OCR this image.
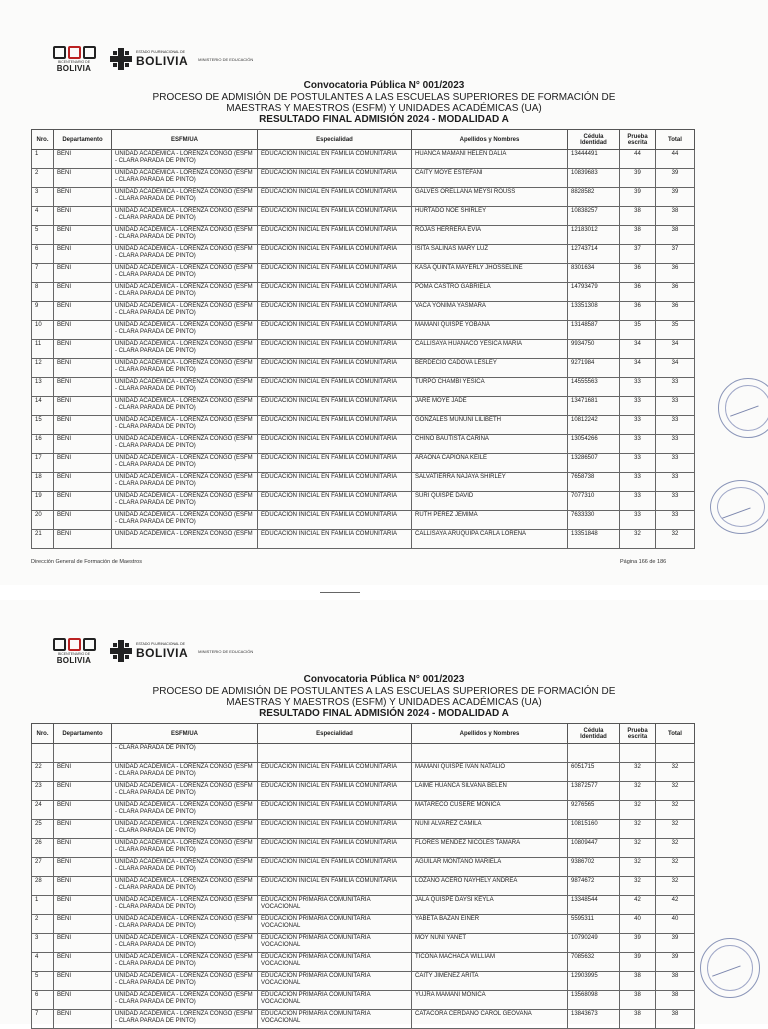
BICENTENARIO DE
BOLIVIA
ESTADO PLURINACIONAL DE
BOLIVIA	MINISTERIO DE EDUCACIÓN
Convocatoria Pública N° 001/2023
PROCESO DE ADMISIÓN DE POSTULANTES A LAS ESCUELAS SUPERIORES DE FORMACIÓN DE
MAESTRAS Y MAESTROS (ESFM) Y UNIDADES ACADÉMICAS (UA)
RESULTADO FINAL ADMISIÓN 2024 - MODALIDAD A
Nro.	Departamento	ESFM/UA	Especialidad	Apellidos y Nombres	Cédula Identidad	Prueba escrita	Total
1	BENI	UNIDAD ACADEMICA - LORENZA CONGO (ESFM - CLARA PARADA DE PINTO)	EDUCACIÓN INICIAL EN FAMILIA COMUNITARIA	HUANCA MAMANI HELEN DALIA	13444491	44	44
2	BENI	UNIDAD ACADEMICA - LORENZA CONGO (ESFM - CLARA PARADA DE PINTO)	EDUCACIÓN INICIAL EN FAMILIA COMUNITARIA	CAITY MOYE ESTEFANI	10839683	39	39
3	BENI	UNIDAD ACADEMICA - LORENZA CONGO (ESFM - CLARA PARADA DE PINTO)	EDUCACIÓN INICIAL EN FAMILIA COMUNITARIA	GALVES ORELLANA MEYSI ROUSS	8828582	39	39
4	BENI	UNIDAD ACADEMICA - LORENZA CONGO (ESFM - CLARA PARADA DE PINTO)	EDUCACIÓN INICIAL EN FAMILIA COMUNITARIA	HURTADO NOE SHIRLEY	10838257	38	38
5	BENI	UNIDAD ACADEMICA - LORENZA CONGO (ESFM - CLARA PARADA DE PINTO)	EDUCACIÓN INICIAL EN FAMILIA COMUNITARIA	ROJAS HERRERA EVIA	12183012	38	38
6	BENI	UNIDAD ACADEMICA - LORENZA CONGO (ESFM - CLARA PARADA DE PINTO)	EDUCACIÓN INICIAL EN FAMILIA COMUNITARIA	ISITA SALINAS MARY LUZ	12743714	37	37
7	BENI	UNIDAD ACADEMICA - LORENZA CONGO (ESFM - CLARA PARADA DE PINTO)	EDUCACIÓN INICIAL EN FAMILIA COMUNITARIA	KASA QUINTA MAYERLY JHOSSELINE	8301634	36	36
8	BENI	UNIDAD ACADEMICA - LORENZA CONGO (ESFM - CLARA PARADA DE PINTO)	EDUCACIÓN INICIAL EN FAMILIA COMUNITARIA	POMA CASTRO GABRIELA	14793479	36	36
9	BENI	UNIDAD ACADEMICA - LORENZA CONGO (ESFM - CLARA PARADA DE PINTO)	EDUCACIÓN INICIAL EN FAMILIA COMUNITARIA	VACA YONIMA YASMARA	13351308	36	36
10	BENI	UNIDAD ACADEMICA - LORENZA CONGO (ESFM - CLARA PARADA DE PINTO)	EDUCACIÓN INICIAL EN FAMILIA COMUNITARIA	MAMANI QUISPE YOBANA	13148587	35	35
11	BENI	UNIDAD ACADEMICA - LORENZA CONGO (ESFM - CLARA PARADA DE PINTO)	EDUCACIÓN INICIAL EN FAMILIA COMUNITARIA	CALLISAYA HUANACO YESICA MARIA	9934750	34	34
12	BENI	UNIDAD ACADEMICA - LORENZA CONGO (ESFM - CLARA PARADA DE PINTO)	EDUCACIÓN INICIAL EN FAMILIA COMUNITARIA	BERDECIO CADOVA LESLEY	9271984	34	34
13	BENI	UNIDAD ACADEMICA - LORENZA CONGO (ESFM - CLARA PARADA DE PINTO)	EDUCACIÓN INICIAL EN FAMILIA COMUNITARIA	TURPO CHAMBI YESICA	14555563	33	33
14	BENI	UNIDAD ACADEMICA - LORENZA CONGO (ESFM - CLARA PARADA DE PINTO)	EDUCACIÓN INICIAL EN FAMILIA COMUNITARIA	JARE MOYE JADE	13471681	33	33
15	BENI	UNIDAD ACADEMICA - LORENZA CONGO (ESFM - CLARA PARADA DE PINTO)	EDUCACIÓN INICIAL EN FAMILIA COMUNITARIA	GONZALES MUÑUNI LILIBETH	10812242	33	33
16	BENI	UNIDAD ACADEMICA - LORENZA CONGO (ESFM - CLARA PARADA DE PINTO)	EDUCACIÓN INICIAL EN FAMILIA COMUNITARIA	CHINO BAUTISTA CARINA	13054266	33	33
17	BENI	UNIDAD ACADEMICA - LORENZA CONGO (ESFM - CLARA PARADA DE PINTO)	EDUCACIÓN INICIAL EN FAMILIA COMUNITARIA	ARAONA CAPIONA KEILE	13286507	33	33
18	BENI	UNIDAD ACADEMICA - LORENZA CONGO (ESFM - CLARA PARADA DE PINTO)	EDUCACIÓN INICIAL EN FAMILIA COMUNITARIA	SALVATIERRA NAJAYA SHIRLEY	7658738	33	33
19	BENI	UNIDAD ACADEMICA - LORENZA CONGO (ESFM - CLARA PARADA DE PINTO)	EDUCACIÓN INICIAL EN FAMILIA COMUNITARIA	SURI QUISPE DAVID	7077310	33	33
20	BENI	UNIDAD ACADEMICA - LORENZA CONGO (ESFM - CLARA PARADA DE PINTO)	EDUCACIÓN INICIAL EN FAMILIA COMUNITARIA	RUTH PEREZ JEMIMA	7633330	33	33
21	BENI	UNIDAD ACADEMICA - LORENZA CONGO (ESFM	EDUCACIÓN INICIAL EN FAMILIA COMUNITARIA	CALLISAYA ARUQUIPA CARLA LORENA	13351848	32	32
Dirección General de Formación de Maestros	Página 166 de 186
BICENTENARIO DE
BOLIVIA
ESTADO PLURINACIONAL DE
BOLIVIA	MINISTERIO DE EDUCACIÓN
Convocatoria Pública N° 001/2023
PROCESO DE ADMISIÓN DE POSTULANTES A LAS ESCUELAS SUPERIORES DE FORMACIÓN DE
MAESTRAS Y MAESTROS (ESFM) Y UNIDADES ACADÉMICAS (UA)
RESULTADO FINAL ADMISIÓN 2024 - MODALIDAD A
Nro.	Departamento	ESFM/UA	Especialidad	Apellidos y Nombres	Cédula Identidad	Prueba escrita	Total
		- CLARA PARADA DE PINTO)					
22	BENI	UNIDAD ACADEMICA - LORENZA CONGO (ESFM - CLARA PARADA DE PINTO)	EDUCACIÓN INICIAL EN FAMILIA COMUNITARIA	MAMANI QUISPE IVAN NATALIO	6051715	32	32
23	BENI	UNIDAD ACADEMICA - LORENZA CONGO (ESFM - CLARA PARADA DE PINTO)	EDUCACIÓN INICIAL EN FAMILIA COMUNITARIA	LAIME HUANCA SILVANA BELEN	13872577	32	32
24	BENI	UNIDAD ACADEMICA - LORENZA CONGO (ESFM - CLARA PARADA DE PINTO)	EDUCACIÓN INICIAL EN FAMILIA COMUNITARIA	MATARECO CUSERE MONICA	9276565	32	32
25	BENI	UNIDAD ACADEMICA - LORENZA CONGO (ESFM - CLARA PARADA DE PINTO)	EDUCACIÓN INICIAL EN FAMILIA COMUNITARIA	NUNI ALVAREZ CAMILA	10815160	32	32
26	BENI	UNIDAD ACADEMICA - LORENZA CONGO (ESFM - CLARA PARADA DE PINTO)	EDUCACIÓN INICIAL EN FAMILIA COMUNITARIA	FLORES MENDEZ NICOLES TAMARA	10809447	32	32
27	BENI	UNIDAD ACADEMICA - LORENZA CONGO (ESFM - CLARA PARADA DE PINTO)	EDUCACIÓN INICIAL EN FAMILIA COMUNITARIA	AGUILAR MONTAÑO MARIELA	9386702	32	32
28	BENI	UNIDAD ACADEMICA - LORENZA CONGO (ESFM - CLARA PARADA DE PINTO)	EDUCACIÓN INICIAL EN FAMILIA COMUNITARIA	LOZANO ACERO NAYHELY ANDREA	9874672	32	32
1	BENI	UNIDAD ACADEMICA - LORENZA CONGO (ESFM - CLARA PARADA DE PINTO)	EDUCACIÓN PRIMARIA COMUNITARIA VOCACIONAL	JALA QUISPE DAYSI KEYLA	13348544	42	42
2	BENI	UNIDAD ACADEMICA - LORENZA CONGO (ESFM - CLARA PARADA DE PINTO)	EDUCACIÓN PRIMARIA COMUNITARIA VOCACIONAL	YABETA BAZAN EINER	5595311	40	40
3	BENI	UNIDAD ACADEMICA - LORENZA CONGO (ESFM - CLARA PARADA DE PINTO)	EDUCACIÓN PRIMARIA COMUNITARIA VOCACIONAL	MOY NUNI YANET	10790249	39	39
4	BENI	UNIDAD ACADEMICA - LORENZA CONGO (ESFM - CLARA PARADA DE PINTO)	EDUCACIÓN PRIMARIA COMUNITARIA VOCACIONAL	TICONA MACHACA WILLIAM	7085632	39	39
5	BENI	UNIDAD ACADEMICA - LORENZA CONGO (ESFM - CLARA PARADA DE PINTO)	EDUCACIÓN PRIMARIA COMUNITARIA VOCACIONAL	CAITY JIMENEZ ARITA	12903995	38	38
6	BENI	UNIDAD ACADEMICA - LORENZA CONGO (ESFM - CLARA PARADA DE PINTO)	EDUCACIÓN PRIMARIA COMUNITARIA VOCACIONAL	YUJRA MAMANI MONICA	13568098	38	38
7	BENI	UNIDAD ACADEMICA - LORENZA CONGO (ESFM - CLARA PARADA DE PINTO)	EDUCACIÓN PRIMARIA COMUNITARIA VOCACIONAL	CATACORA CERDANO CAROL GEOVANA	13843673	38	38
